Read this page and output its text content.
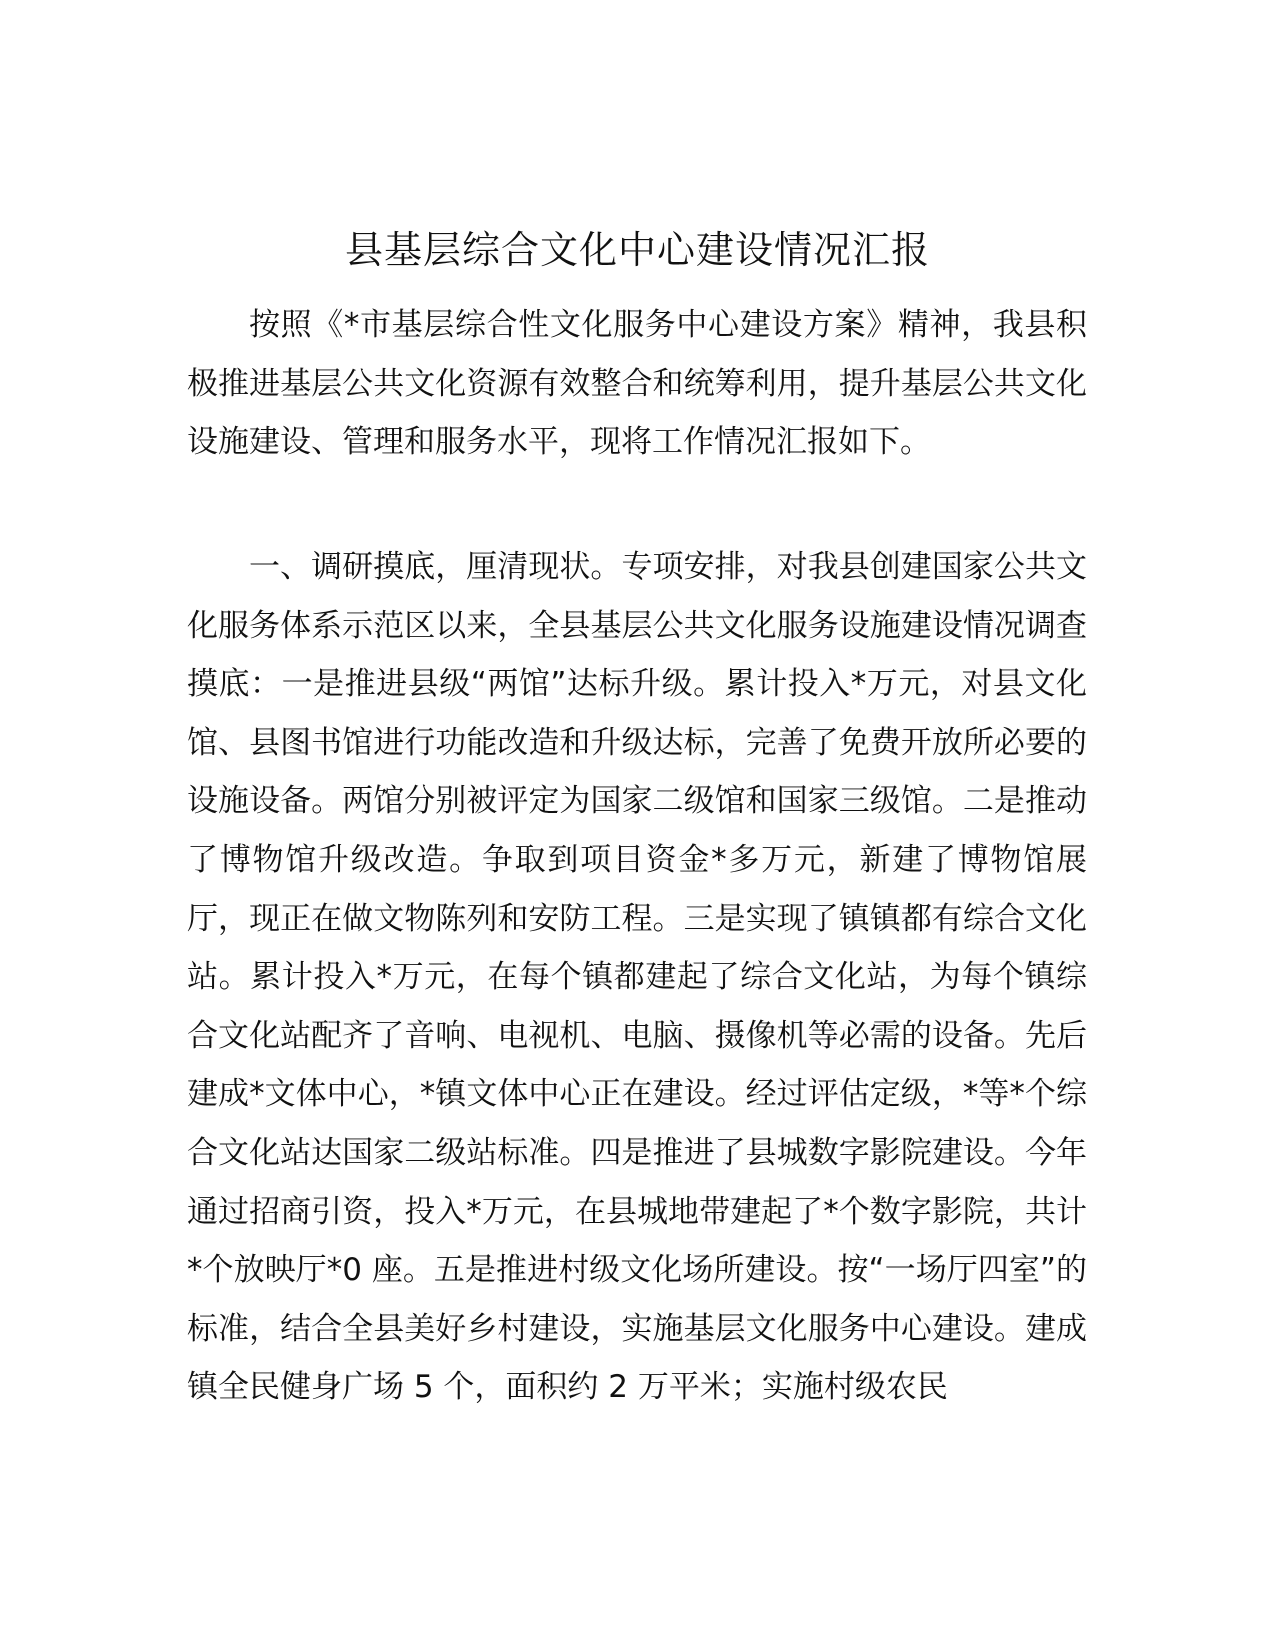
县基层综合文化中心建设情况汇报

按照《*市基层综合性文化服务中心建设方案》精神，我县积极推进基层公共文化资源有效整合和统筹利用，提升基层公共文化设施建设、管理和服务水平，现将工作情况汇报如下。

一、调研摸底，厘清现状。专项安排，对我县创建国家公共文化服务体系示范区以来，全县基层公共文化服务设施建设情况调查摸底：一是推进县级“两馆”达标升级。累计投入*万元，对县文化馆、县图书馆进行功能改造和升级达标，完善了免费开放所必要的设施设备。两馆分别被评定为国家二级馆和国家三级馆。二是推动了博物馆升级改造。争取到项目资金*多万元，新建了博物馆展厅，现正在做文物陈列和安防工程。三是实现了镇镇都有综合文化站。累计投入*万元，在每个镇都建起了综合文化站，为每个镇综合文化站配齐了音响、电视机、电脑、摄像机等必需的设备。先后建成*文体中心，*镇文体中心正在建设。经过评估定级，*等*个综合文化站达国家二级站标准。四是推进了县城数字影院建设。今年通过招商引资，投入*万元，在县城地带建起了*个数字影院，共计*个放映厅*0 座。五是推进村级文化场所建设。按“一场厅四室”的标准，结合全县美好乡村建设，实施基层文化服务中心建设。建成镇全民健身广场 5 个，面积约 2 万平米；实施村级农民
